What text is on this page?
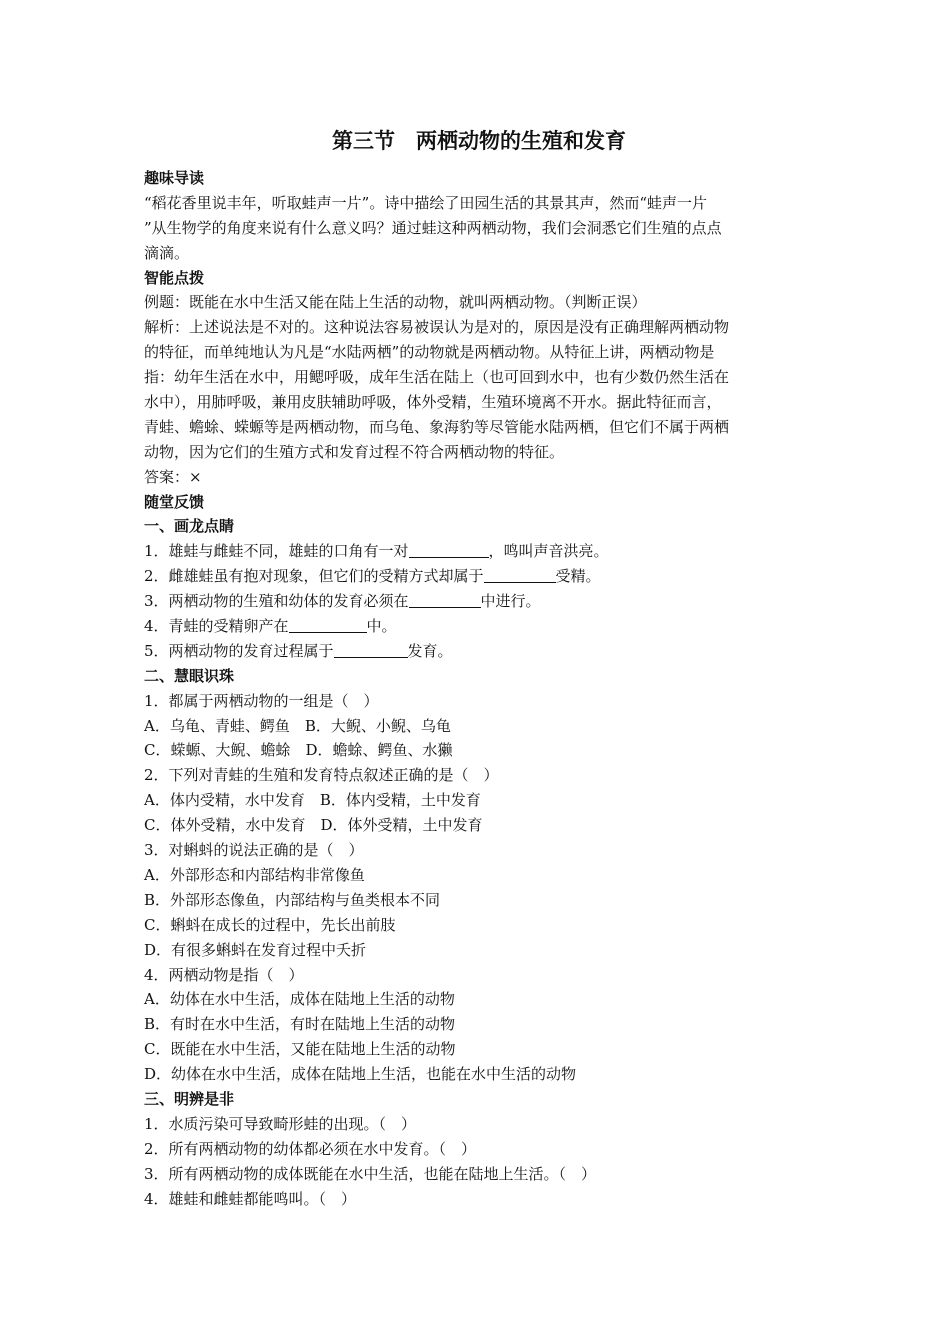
第三节　两栖动物的生殖和发育
趣味导读
“稻花香里说丰年，听取蛙声一片”。诗中描绘了田园生活的其景其声，然而“蛙声一片
”从生物学的角度来说有什么意义吗？通过蛙这种两栖动物，我们会洞悉它们生殖的点点
滴滴。
智能点拨
例题：既能在水中生活又能在陆上生活的动物，就叫两栖动物。（判断正误）
解析：上述说法是不对的。这种说法容易被误认为是对的，原因是没有正确理解两栖动物
的特征，而单纯地认为凡是“水陆两栖”的动物就是两栖动物。从特征上讲，两栖动物是
指：幼年生活在水中，用鳃呼吸，成年生活在陆上（也可回到水中，也有少数仍然生活在
水中），用肺呼吸，兼用皮肤辅助呼吸，体外受精，生殖环境离不开水。据此特征而言，
青蛙、蟾蜍、蝾螈等是两栖动物，而乌龟、象海豹等尽管能水陆两栖，但它们不属于两栖
动物，因为它们的生殖方式和发育过程不符合两栖动物的特征。
答案：×
随堂反馈
一、画龙点睛
1．雄蛙与雌蛙不同，雄蛙的口角有一对	，鸣叫声音洪亮。
2．雌雄蛙虽有抱对现象，但它们的受精方式却属于	受精。
3．两栖动物的生殖和幼体的发育必须在	中进行。
4．青蛙的受精卵产在	中。
5．两栖动物的发育过程属于	发育。
二、慧眼识珠
1．都属于两栖动物的一组是（　）
A．乌龟、青蛙、鳄鱼　B．大鲵、小鲵、乌龟
C．蝾螈、大鲵、蟾蜍　D．蟾蜍、鳄鱼、水獭
2．下列对青蛙的生殖和发育特点叙述正确的是（　）
A．体内受精，水中发育　B．体内受精，土中发育
C．体外受精，水中发育　D．体外受精，土中发育
3．对蝌蚪的说法正确的是（　）
A．外部形态和内部结构非常像鱼
B．外部形态像鱼，内部结构与鱼类根本不同
C．蝌蚪在成长的过程中，先长出前肢
D．有很多蝌蚪在发育过程中夭折
4．两栖动物是指（　）
A．幼体在水中生活，成体在陆地上生活的动物
B．有时在水中生活，有时在陆地上生活的动物
C．既能在水中生活，又能在陆地上生活的动物
D．幼体在水中生活，成体在陆地上生活，也能在水中生活的动物
三、明辨是非
1．水质污染可导致畸形蛙的出现。（　）
2．所有两栖动物的幼体都必须在水中发育。（　）
3．所有两栖动物的成体既能在水中生活，也能在陆地上生活。（　）
4．雄蛙和雌蛙都能鸣叫。（　）
